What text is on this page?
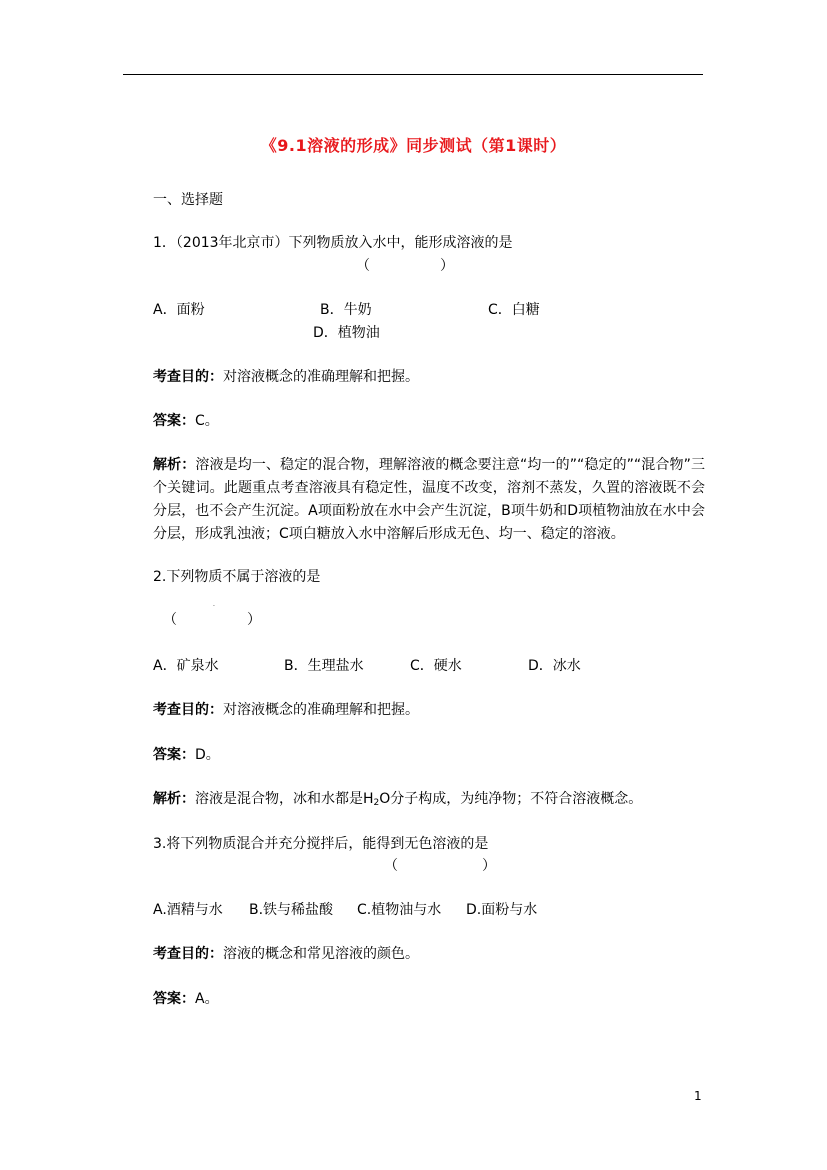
《9.1溶液的形成》同步测试（第1课时）
一、选择题
1．（2013年北京市）下列物质放入水中，能形成溶液的是
（　　　　　）
A．面粉	B．牛奶	C．白糖
D．植物油
考查目的：对溶液概念的准确理解和把握。
答案：C。
解析：溶液是均一、稳定的混合物，理解溶液的概念要注意“均一的”“稳定的”“混合物”三个关键词。此题重点考查溶液具有稳定性，温度不改变，溶剂不蒸发，久置的溶液既不会分层，也不会产生沉淀。A项面粉放在水中会产生沉淀，B项牛奶和D项植物油放在水中会分层，形成乳浊液；C项白糖放入水中溶解后形成无色、均一、稳定的溶液。
2.下列物质不属于溶液的是
·
（　　　　　）
A．矿泉水	B．生理盐水	C．硬水	D．冰水
考查目的：对溶液概念的准确理解和把握。
答案：D。
解析：溶液是混合物，冰和水都是$H_2O$分子构成，为纯净物；不符合溶液概念。
3.将下列物质混合并充分搅拌后，能得到无色溶液的是
（　　　　　　）
A.酒精与水 B.铁与稀盐酸 C.植物油与水 D.面粉与水
考查目的：溶液的概念和常见溶液的颜色。
答案：A。
1
